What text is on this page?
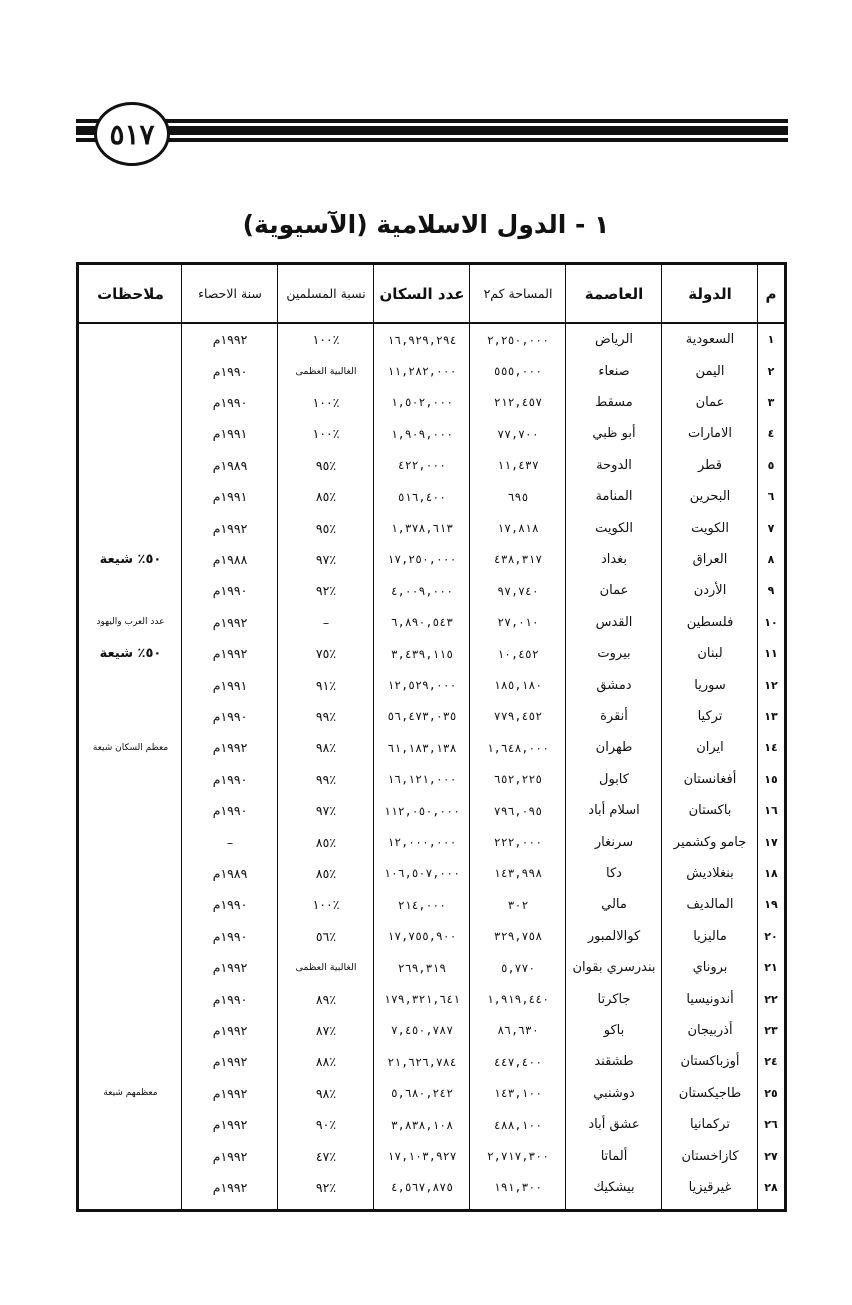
٥١٧
١ - الدول الاسلامية (الآسيوية)
م
الدولة
العاصمة
المساحة كم٢
عدد السكان
نسبة المسلمين
سنة الاحصاء
ملاحظات
١
السعودية
الرياض
٢,٢٥٠,٠٠٠
١٦,٩٢٩,٢٩٤
٪١٠٠
١٩٩٢م
٢
اليمن
صنعاء
٥٥٥,٠٠٠
١١,٢٨٢,٠٠٠
الغالبية العظمى
١٩٩٠م
٣
عمان
مسقط
٢١٢,٤٥٧
١,٥٠٢,٠٠٠
٪١٠٠
١٩٩٠م
٤
الامارات
أبو ظبي
٧٧,٧٠٠
١,٩٠٩,٠٠٠
٪١٠٠
١٩٩١م
٥
قطر
الدوحة
١١,٤٣٧
٤٢٢,٠٠٠
٪٩٥
١٩٨٩م
٦
البحرين
المنامة
٦٩٥
٥١٦,٤٠٠
٪٨٥
١٩٩١م
٧
الكويت
الكويت
١٧,٨١٨
١,٣٧٨,٦١٣
٪٩٥
١٩٩٢م
٨
العراق
بغداد
٤٣٨,٣١٧
١٧,٢٥٠,٠٠٠
٪٩٧
١٩٨٨م
٥٠٪ شيعة
٩
الأردن
عمان
٩٧,٧٤٠
٤,٠٠٩,٠٠٠
٪٩٢
١٩٩٠م
١٠
فلسطين
القدس
٢٧,٠١٠
٦,٨٩٠,٥٤٣
–
١٩٩٢م
عدد العرب واليهود
١١
لبنان
بيروت
١٠,٤٥٢
٣,٤٣٩,١١٥
٪٧٥
١٩٩٢م
٥٠٪ شيعة
١٢
سوريا
دمشق
١٨٥,١٨٠
١٢,٥٢٩,٠٠٠
٪٩١
١٩٩١م
١٣
تركيا
أنقرة
٧٧٩,٤٥٢
٥٦,٤٧٣,٠٣٥
٪٩٩
١٩٩٠م
١٤
ايران
طهران
١,٦٤٨,٠٠٠
٦١,١٨٣,١٣٨
٪٩٨
١٩٩٢م
معظم السكان شيعة
١٥
أفغانستان
كابول
٦٥٢,٢٢٥
١٦,١٢١,٠٠٠
٪٩٩
١٩٩٠م
١٦
باكستان
اسلام أباد
٧٩٦,٠٩٥
١١٢,٠٥٠,٠٠٠
٪٩٧
١٩٩٠م
١٧
جامو وكشمير
سرنغار
٢٢٢,٠٠٠
١٢,٠٠٠,٠٠٠
٪٨٥
–
١٨
بنغلاديش
دكا
١٤٣,٩٩٨
١٠٦,٥٠٧,٠٠٠
٪٨٥
١٩٨٩م
١٩
المالديف
مالي
٣٠٢
٢١٤,٠٠٠
٪١٠٠
١٩٩٠م
٢٠
ماليزيا
كوالالمبور
٣٢٩,٧٥٨
١٧,٧٥٥,٩٠٠
٪٥٦
١٩٩٠م
٢١
بروناي
بندرسري بقوان
٥,٧٧٠
٢٦٩,٣١٩
الغالبية العظمى
١٩٩٢م
٢٢
أندونيسيا
جاكرتا
١,٩١٩,٤٤٠
١٧٩,٣٢١,٦٤١
٪٨٩
١٩٩٠م
٢٣
أذربيجان
باكو
٨٦,٦٣٠
٧,٤٥٠,٧٨٧
٪٨٧
١٩٩٢م
٢٤
أوزباكستان
طشقند
٤٤٧,٤٠٠
٢١,٦٢٦,٧٨٤
٪٨٨
١٩٩٢م
٢٥
طاجيكستان
دوشنبي
١٤٣,١٠٠
٥,٦٨٠,٢٤٢
٪٩٨
١٩٩٢م
معظمهم شيعة
٢٦
تركمانيا
عشق أباد
٤٨٨,١٠٠
٣,٨٣٨,١٠٨
٪٩٠
١٩٩٢م
٢٧
كازاخستان
ألماتا
٢,٧١٧,٣٠٠
١٧,١٠٣,٩٢٧
٪٤٧
١٩٩٢م
٢٨
غيرقيزيا
بيشكيك
١٩١,٣٠٠
٤,٥٦٧,٨٧٥
٪٩٢
١٩٩٢م
